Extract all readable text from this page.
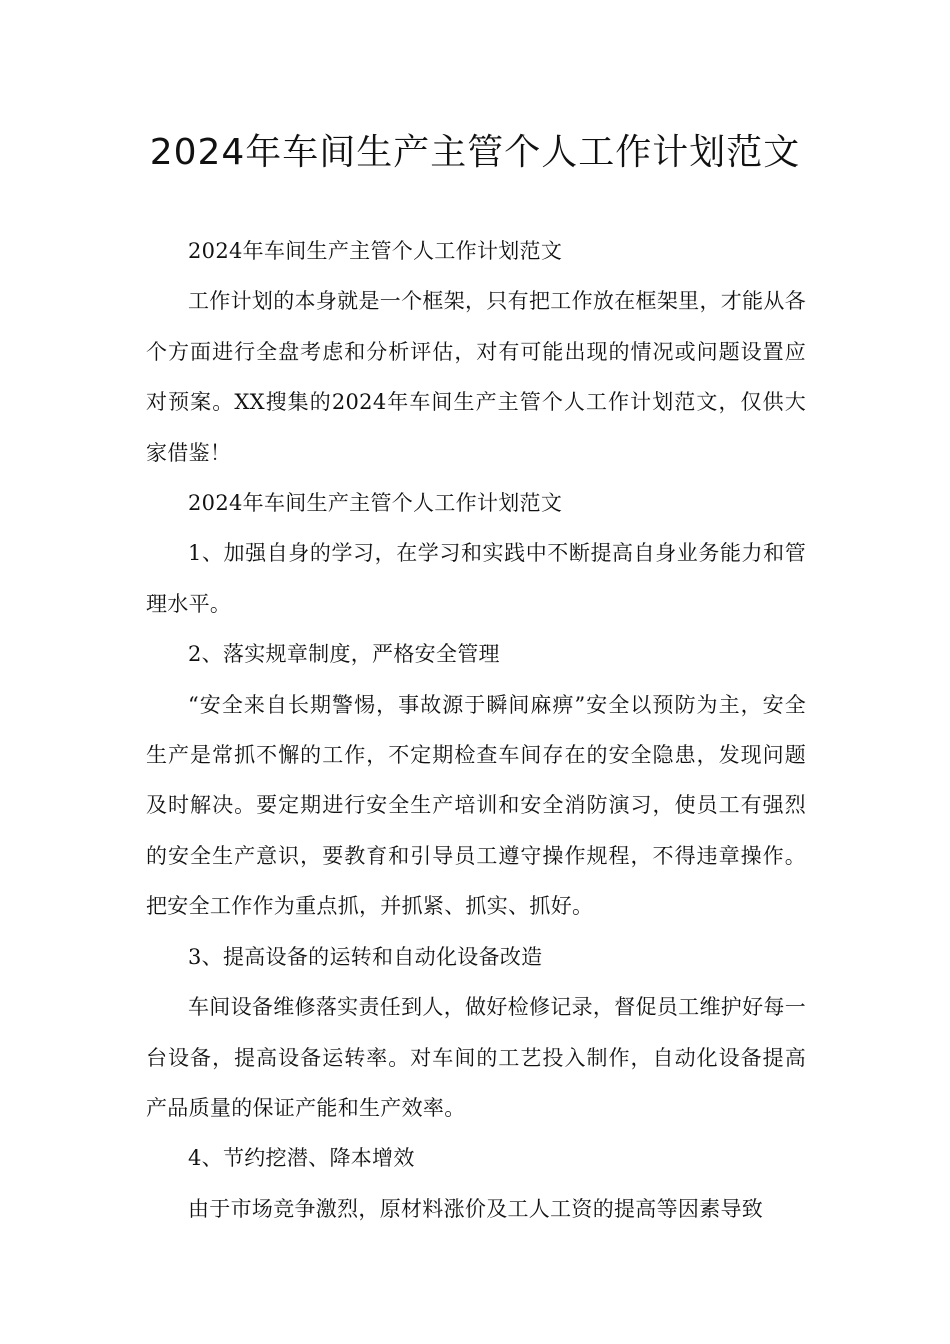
2024年车间生产主管个人工作计划范文

2024年车间生产主管个人工作计划范文

工作计划的本身就是一个框架，只有把工作放在框架里，才能从各个方面进行全盘考虑和分析评估，对有可能出现的情况或问题设置应对预案。XX搜集的2024年车间生产主管个人工作计划范文，仅供大家借鉴！

2024年车间生产主管个人工作计划范文

1、加强自身的学习，在学习和实践中不断提高自身业务能力和管理水平。

2、落实规章制度，严格安全管理

“安全来自长期警惕，事故源于瞬间麻痹”安全以预防为主，安全生产是常抓不懈的工作，不定期检查车间存在的安全隐患，发现问题及时解决。要定期进行安全生产培训和安全消防演习，使员工有强烈的安全生产意识，要教育和引导员工遵守操作规程，不得违章操作。把安全工作作为重点抓，并抓紧、抓实、抓好。

3、提高设备的运转和自动化设备改造

车间设备维修落实责任到人，做好检修记录，督促员工维护好每一台设备，提高设备运转率。对车间的工艺投入制作，自动化设备提高产品质量的保证产能和生产效率。

4、节约挖潜、降本增效

由于市场竞争激烈，原材料涨价及工人工资的提高等因素导致
